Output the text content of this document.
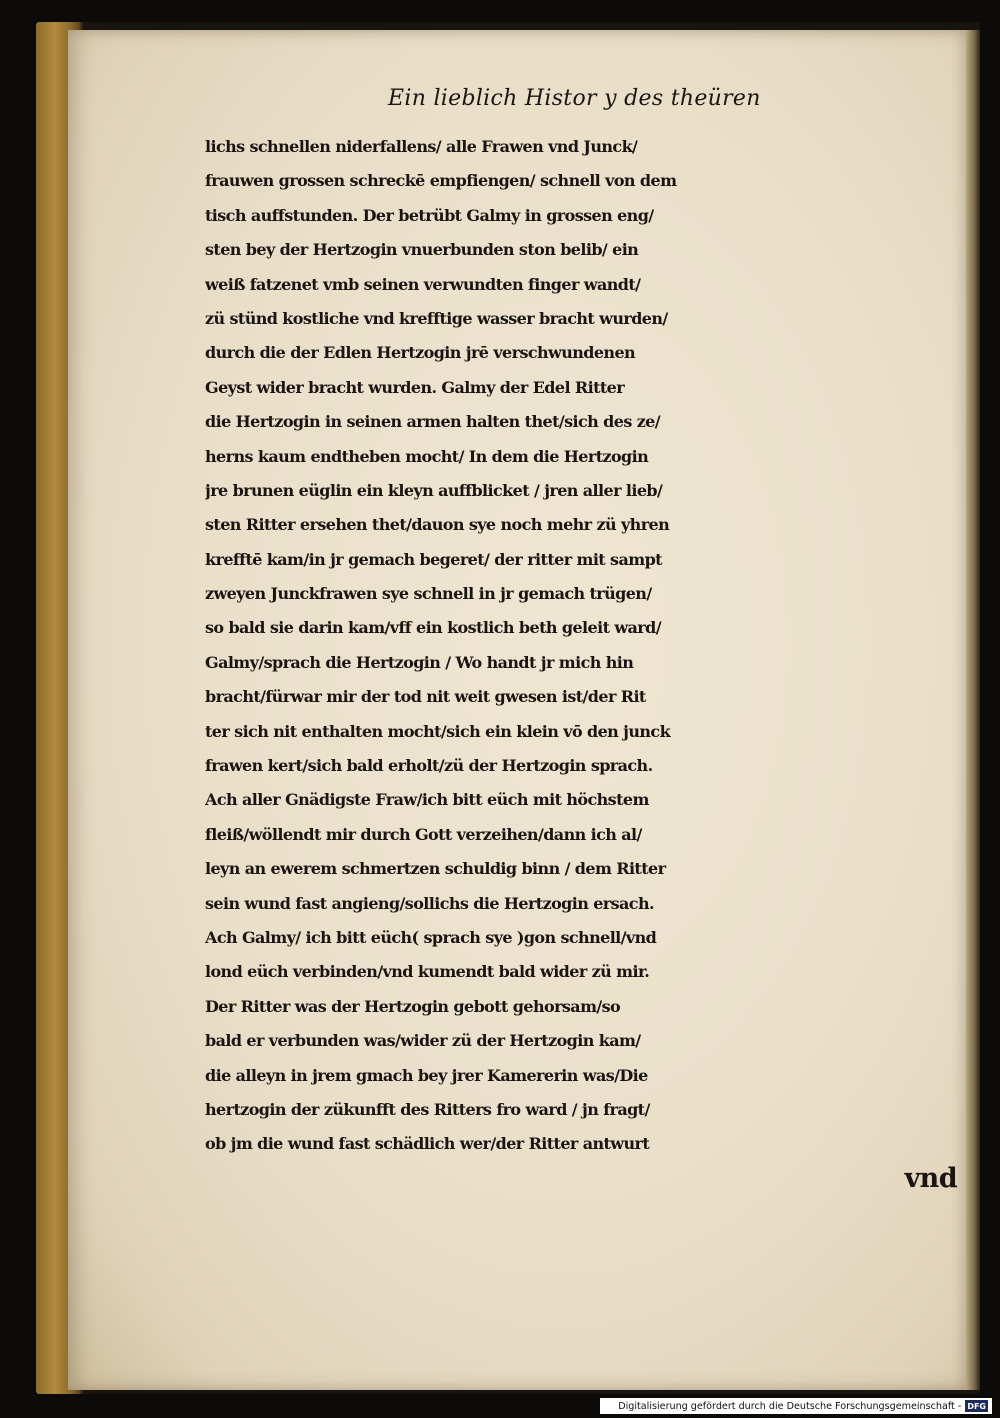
Ein lieblich Histor y des theüren
lichs schnellen niderfallens/ alle Frawen vnd Junck/
frauwen grossen schreckē empfiengen/ schnell von dem
tisch auffstunden. Der betrübt Galmy in grossen eng/
sten bey der Hertzogin vnuerbunden ston belib/ ein
weiß fatzenet vmb seinen verwundten finger wandt/
zü stünd kostliche vnd krefftige wasser bracht wurden/
durch die der Edlen Hertzogin jrē verschwundenen
Geyst wider bracht wurden. Galmy der Edel Ritter
die Hertzogin in seinen armen halten thet/sich des ze/
herns kaum endtheben mocht/ In dem die Hertzogin
jre brunen eüglin ein kleyn auffblicket / jren aller lieb/
sten Ritter ersehen thet/dauon sye noch mehr zü yhren
krefftē kam/in jr gemach begeret/ der ritter mit sampt
zweyen Junckfrawen sye schnell in jr gemach trügen/
so bald sie darin kam/vff ein kostlich beth geleit ward/
Galmy/sprach die Hertzogin / Wo handt jr mich hin
bracht/fürwar mir der tod nit weit gwesen ist/der Rit
ter sich nit enthalten mocht/sich ein klein vō den junck
frawen kert/sich bald erholt/zü der Hertzogin sprach.
Ach aller Gnädigste Fraw/ich bitt eüch mit höchstem
fleiß/wöllendt mir durch Gott verzeihen/dann ich al/
leyn an ewerem schmertzen schuldig binn / dem Ritter
sein wund fast angieng/sollichs die Hertzogin ersach.
Ach Galmy/ ich bitt eüch( sprach sye )gon schnell/vnd
lond eüch verbinden/vnd kumendt bald wider zü mir.
Der Ritter was der Hertzogin gebott gehorsam/so
bald er verbunden was/wider zü der Hertzogin kam/
die alleyn in jrem gmach bey jrer Kamererin was/Die
hertzogin der zükunfft des Ritters fro ward / jn fragt/
ob jm die wund fast schädlich wer/der Ritter antwurt
vnd
Digitalisierung gefördert durch die Deutsche Forschungsgemeinschaft - DFG
